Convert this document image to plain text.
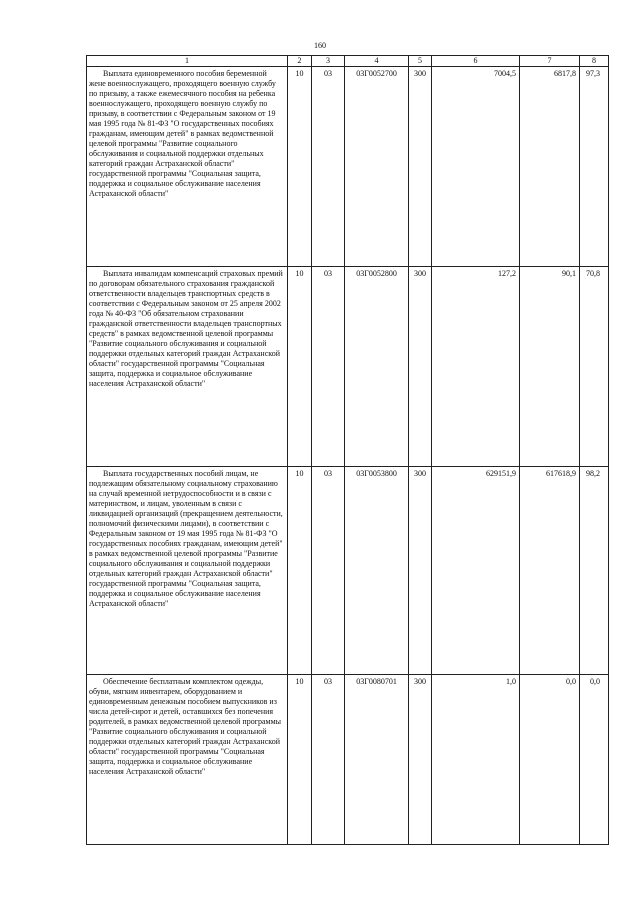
160
1	2	3	4	5	6	7	8

Выплата единовременного пособия беременной жене военнослужащего, проходящего военную службу по призыву, а также ежемесячного пособия на ребенка военнослужащего, проходящего военную службу по призыву, в соответствии с Федеральным законом от 19 мая 1995 года № 81-ФЗ "О государственных пособиях гражданам, имеющим детей" в рамках ведомственной целевой программы "Развитие социального обслуживания и социальной поддержки отдельных категорий граждан Астраханской области" государственной программы "Социальная защита, поддержка и социальное обслуживание населения Астраханской области"	10	03	03Г0052700	300	7004,5	6817,8	97,3

Выплата инвалидам компенсаций страховых премий по договорам обязательного страхования гражданской ответственности владельцев транспортных средств в соответствии с Федеральным законом от 25 апреля 2002 года № 40-ФЗ "Об обязательном страховании гражданской ответственности владельцев транспортных средств" в рамках ведомственной целевой программы "Развитие социального обслуживания и социальной поддержки отдельных категорий граждан Астраханской области" государственной программы "Социальная защита, поддержка и социальное обслуживание населения Астраханской области"	10	03	03Г0052800	300	127,2	90,1	70,8

Выплата государственных пособий лицам, не подлежащим обязательному социальному страхованию на случай временной нетрудоспособности и в связи с материнством, и лицам, уволенным в связи с ликвидацией организаций (прекращением деятельности, полномочий физическими лицами), в соответствии с Федеральным законом от 19 мая 1995 года № 81-ФЗ "О государственных пособиях гражданам, имеющим детей" в рамках ведомственной целевой программы "Развитие социального обслуживания и социальной поддержки отдельных категорий граждан Астраханской области" государственной программы "Социальная защита, поддержка и социальное обслуживание населения Астраханской области"	10	03	03Г0053800	300	629151,9	617618,9	98,2

Обеспечение бесплатным комплектом одежды, обуви, мягким инвентарем, оборудованием и единовременным денежным пособием выпускников из числа детей-сирот и детей, оставшихся без попечения родителей, в рамках ведомственной целевой программы "Развитие социального обслуживания и социальной поддержки отдельных категорий граждан Астраханской области" государственной программы "Социальная защита, поддержка и социальное обслуживание населения Астраханской области"	10	03	03Г0080701	300	1,0	0,0	0,0
